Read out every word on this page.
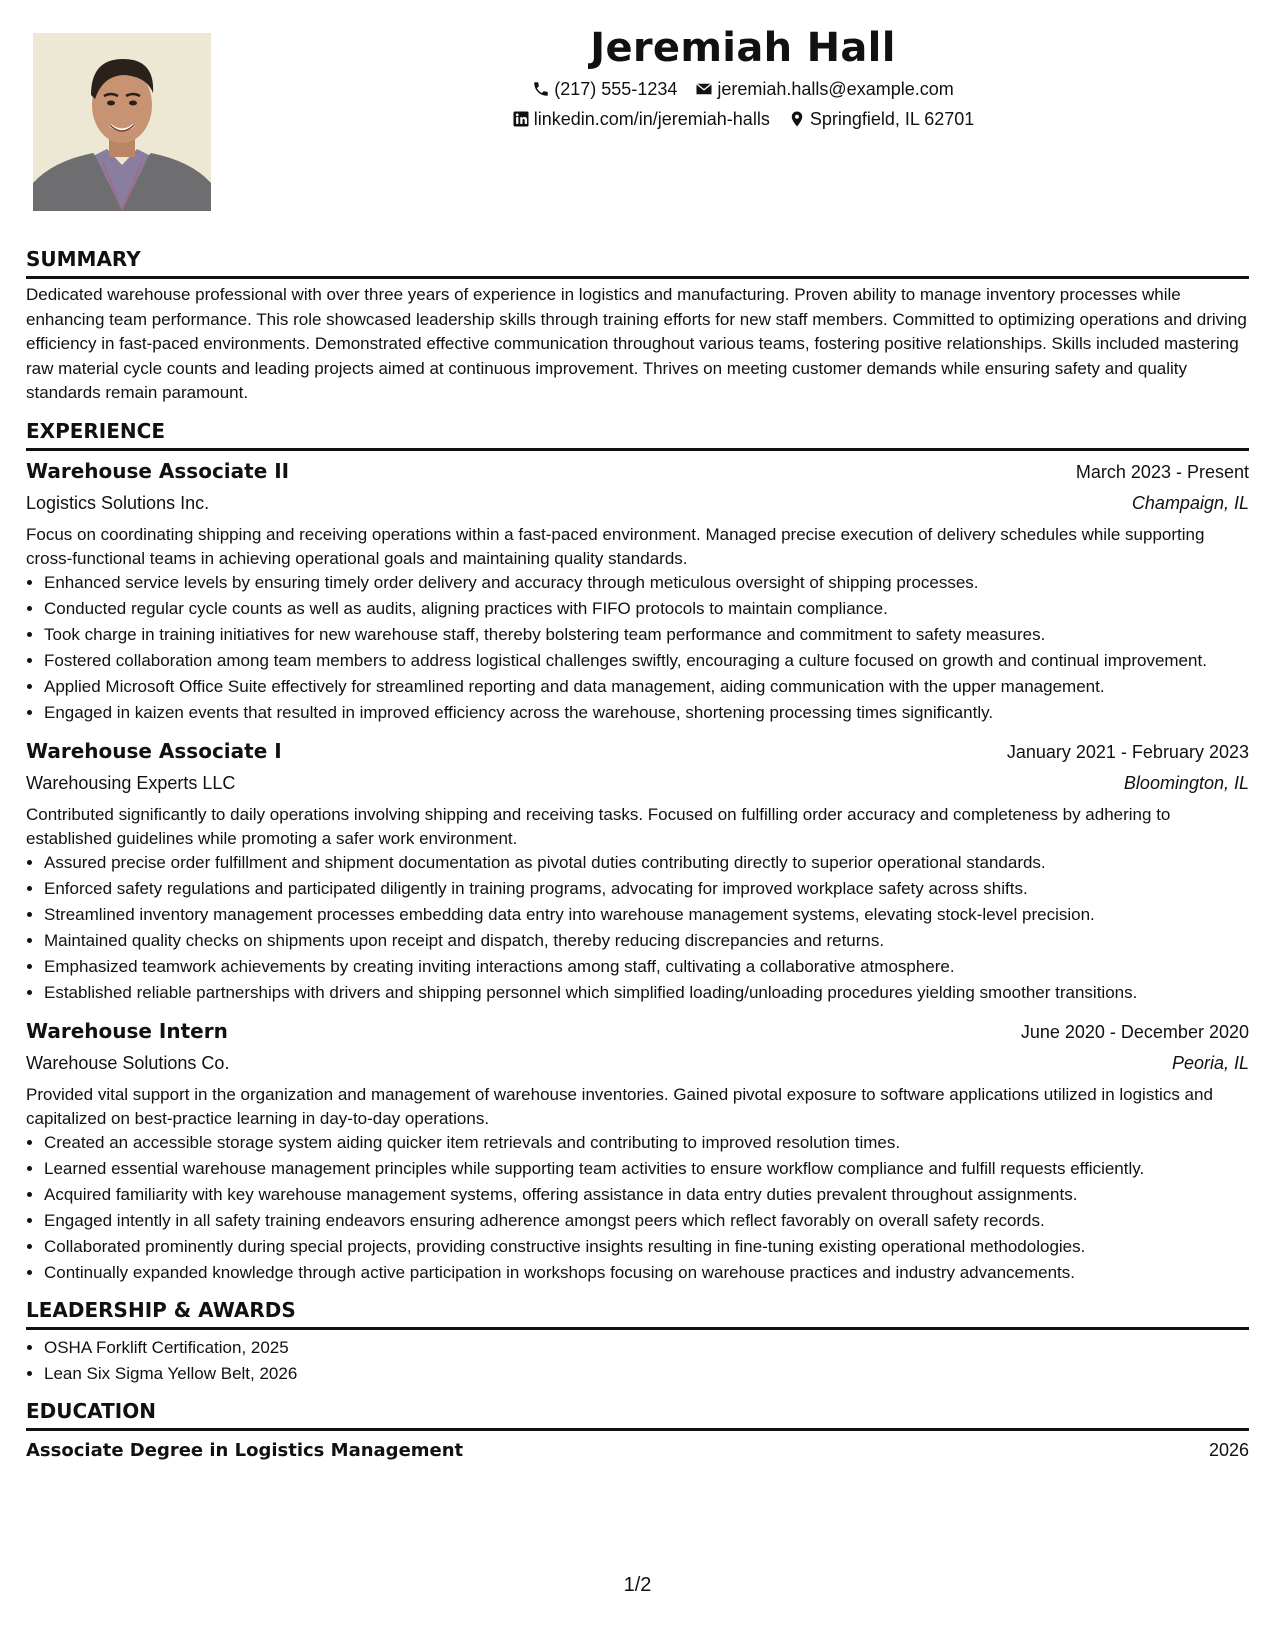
Jeremiah Hall
(217) 555-1234 jeremiah.halls@example.com
linkedin.com/in/jeremiah-halls Springfield, IL 62701
SUMMARY

Dedicated warehouse professional with over three years of experience in logistics and manufacturing. Proven ability to manage inventory processes while enhancing team performance. This role showcased leadership skills through training efforts for new staff members. Committed to optimizing operations and driving efficiency in fast-paced environments. Demonstrated effective communication throughout various teams, fostering positive relationships. Skills included mastering raw material cycle counts and leading projects aimed at continuous improvement. Thrives on meeting customer demands while ensuring safety and quality standards remain paramount.

EXPERIENCE
Warehouse Associate II	March 2023 - Present
Logistics Solutions Inc.	Champaign, IL

Focus on coordinating shipping and receiving operations within a fast-paced environment. Managed precise execution of delivery schedules while supporting cross-functional teams in achieving operational goals and maintaining quality standards.

• Enhanced service levels by ensuring timely order delivery and accuracy through meticulous oversight of shipping processes.
• Conducted regular cycle counts as well as audits, aligning practices with FIFO protocols to maintain compliance.
• Took charge in training initiatives for new warehouse staff, thereby bolstering team performance and commitment to safety measures.
• Fostered collaboration among team members to address logistical challenges swiftly, encouraging a culture focused on growth and continual improvement.
• Applied Microsoft Office Suite effectively for streamlined reporting and data management, aiding communication with the upper management.
• Engaged in kaizen events that resulted in improved efficiency across the warehouse, shortening processing times significantly.
Warehouse Associate I	January 2021 - February 2023
Warehousing Experts LLC	Bloomington, IL

Contributed significantly to daily operations involving shipping and receiving tasks. Focused on fulfilling order accuracy and completeness by adhering to established guidelines while promoting a safer work environment.

• Assured precise order fulfillment and shipment documentation as pivotal duties contributing directly to superior operational standards.
• Enforced safety regulations and participated diligently in training programs, advocating for improved workplace safety across shifts.
• Streamlined inventory management processes embedding data entry into warehouse management systems, elevating stock-level precision.
• Maintained quality checks on shipments upon receipt and dispatch, thereby reducing discrepancies and returns.
• Emphasized teamwork achievements by creating inviting interactions among staff, cultivating a collaborative atmosphere.
• Established reliable partnerships with drivers and shipping personnel which simplified loading/unloading procedures yielding smoother transitions.
Warehouse Intern	June 2020 - December 2020
Warehouse Solutions Co.	Peoria, IL

Provided vital support in the organization and management of warehouse inventories. Gained pivotal exposure to software applications utilized in logistics and capitalized on best-practice learning in day-to-day operations.

• Created an accessible storage system aiding quicker item retrievals and contributing to improved resolution times.
• Learned essential warehouse management principles while supporting team activities to ensure workflow compliance and fulfill requests efficiently.
• Acquired familiarity with key warehouse management systems, offering assistance in data entry duties prevalent throughout assignments.
• Engaged intently in all safety training endeavors ensuring adherence amongst peers which reflect favorably on overall safety records.
• Collaborated prominently during special projects, providing constructive insights resulting in fine-tuning existing operational methodologies.
• Continually expanded knowledge through active participation in workshops focusing on warehouse practices and industry advancements.
LEADERSHIP & AWARDS
• OSHA Forklift Certification, 2025
• Lean Six Sigma Yellow Belt, 2026
EDUCATION
Associate Degree in Logistics Management	2026
1/2
